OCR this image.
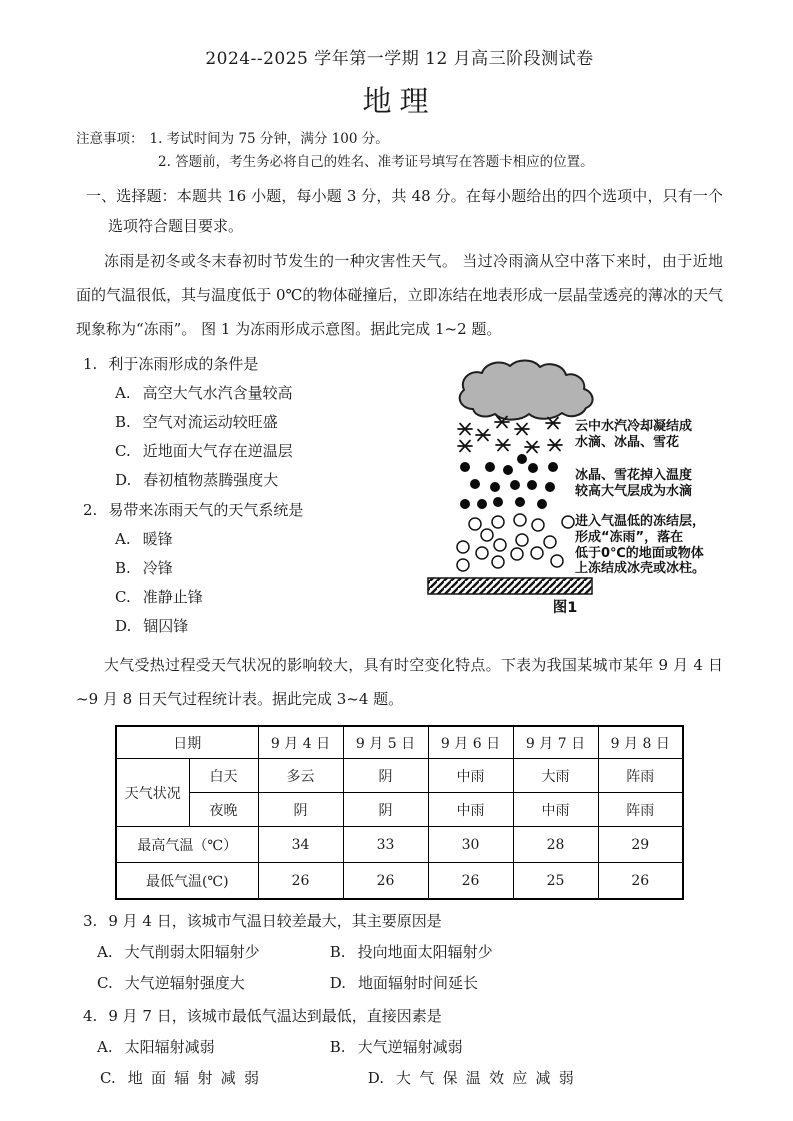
2024--2025 学年第一学期 12 月高三阶段测试卷
地理
注意事项： 1. 考试时间为 75 分钟，满分 100 分。
2. 答题前，考生务必将自己的姓名、准考证号填写在答题卡相应的位置。
一、选择题：本题共 16 小题，每小题 3 分，共 48 分。在每小题给出的四个选项中，只有一个选项符合题目要求。

冻雨是初冬或冬末春初时节发生的一种灾害性天气。 当过冷雨滴从空中落下来时，由于近地面的气温很低，其与温度低于 0℃的物体碰撞后，立即冻结在地表形成一层晶莹透亮的薄冰的天气现象称为“冻雨”。 图 1 为冻雨形成示意图。据此完成 1~2 题。

图1
云中水汽冷却凝结成
水滴、冰晶、雪花
冰晶、雪花掉入温度
较高大气层成为水滴
进入气温低的冻结层，
形成“冻雨”，落在
低于0℃的地面或物体
上冻结成冰壳或冰柱。
1. 利于冻雨形成的条件是
A. 高空大气水汽含量较高
B. 空气对流运动较旺盛
C. 近地面大气存在逆温层
D. 春初植物蒸腾强度大
2. 易带来冻雨天气的天气系统是
A. 暖锋
B. 冷锋
C. 准静止锋
D. 锢囚锋

大气受热过程受天气状况的影响较大，具有时空变化特点。下表为我国某城市某年 9 月 4 日~9 月 8 日天气过程统计表。据此完成 3~4 题。

日期		9 月 4 日	9 月 5 日	9 月 6 日	9 月 7 日	9 月 8 日
天气状况	白天	多云	阴	中雨	大雨	阵雨
	夜晚	阴	阴	中雨	中雨	阵雨
最高气温（℃）		34	33	30	28	29
最低气温(℃)		26	26	26	25	26
3. 9 月 4 日，该城市气温日较差最大，其主要原因是
A. 大气削弱太阳辐射少	B. 投向地面太阳辐射少
C. 大气逆辐射强度大	D. 地面辐射时间延长
4. 9 月 7 日，该城市最低气温达到最低，直接因素是
A. 太阳辐射减弱	B. 大气逆辐射减弱
C. 地面辐射减弱	D. 大气保温效应减弱
